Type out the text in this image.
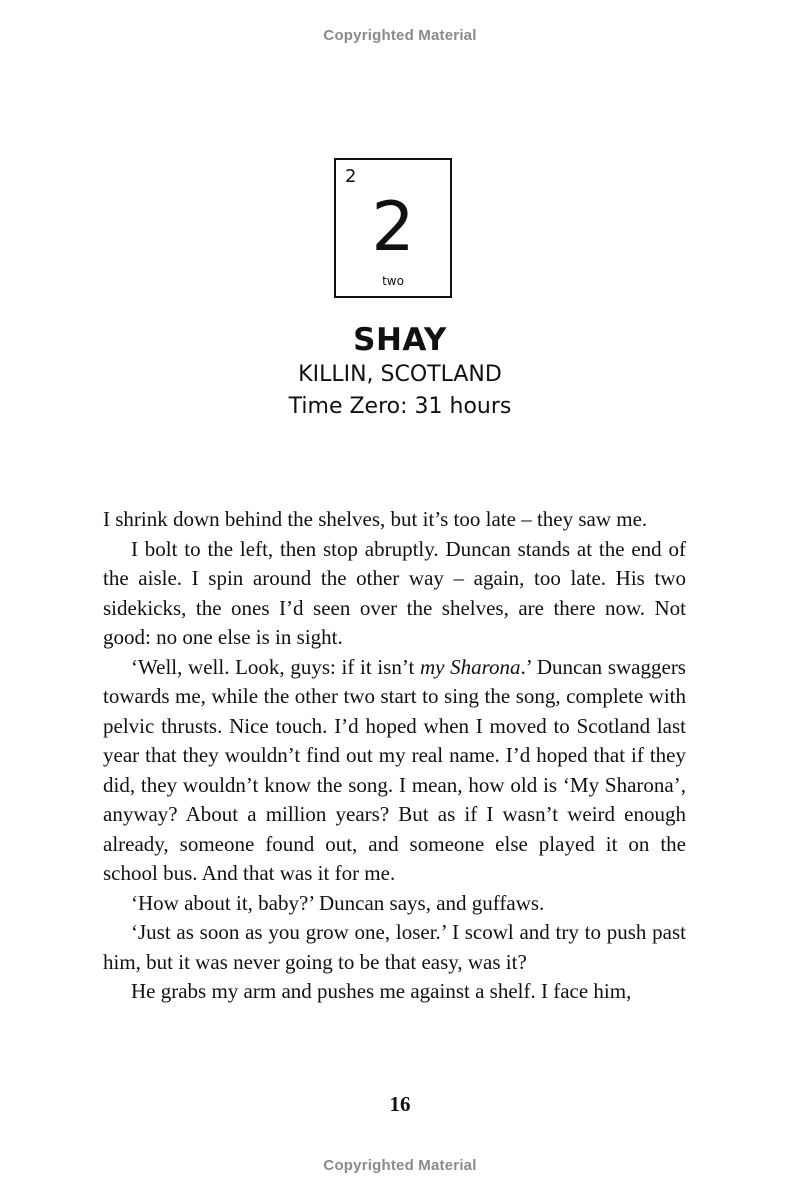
Copyrighted Material
2
2
two
SHAY
KILLIN, SCOTLAND
Time Zero: 31 hours

I shrink down behind the shelves, but it’s too late – they saw me.

I bolt to the left, then stop abruptly. Duncan stands at the end of the aisle. I spin around the other way – again, too late. His two sidekicks, the ones I’d seen over the shelves, are there now. Not good: no one else is in sight.

‘Well, well. Look, guys: if it isn’t my Sharona.’ Duncan swaggers towards me, while the other two start to sing the song, complete with pelvic thrusts. Nice touch. I’d hoped when I moved to Scotland last year that they wouldn’t find out my real name. I’d hoped that if they did, they wouldn’t know the song. I mean, how old is ‘My Sharona’, anyway? About a million years? But as if I wasn’t weird enough already, someone found out, and someone else played it on the school bus. And that was it for me.

‘How about it, baby?’ Duncan says, and guffaws.

‘Just as soon as you grow one, loser.’ I scowl and try to push past him, but it was never going to be that easy, was it?

He grabs my arm and pushes me against a shelf. I face him,

16
Copyrighted Material
